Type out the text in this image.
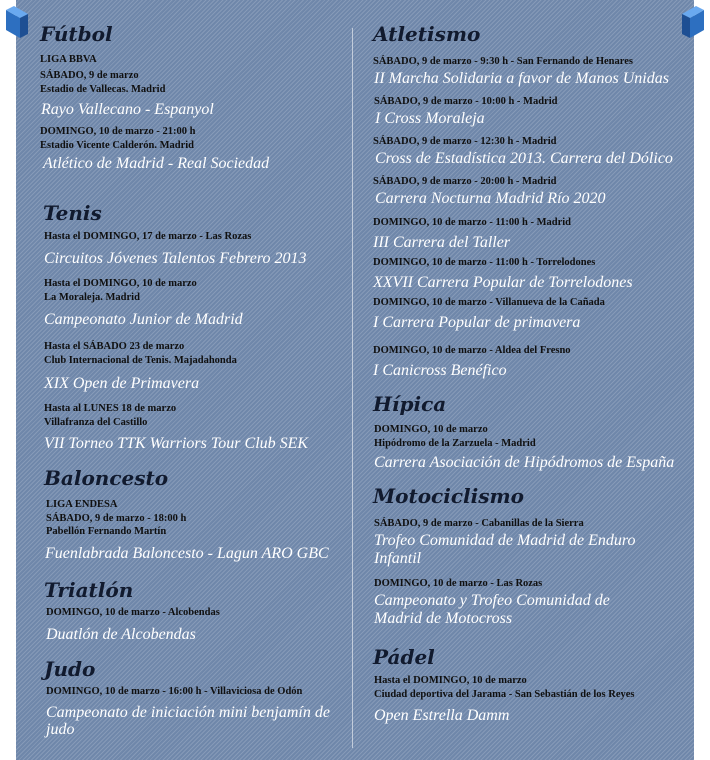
Fútbol
LIGA BBVA
SÁBADO, 9 de marzo
Estadio de Vallecas. Madrid
Rayo Vallecano - Espanyol
DOMINGO, 10 de marzo - 21:00 h
Estadio Vicente Calderón. Madrid
Atlético de Madrid - Real Sociedad
Tenis
Hasta el DOMINGO, 17 de marzo - Las Rozas
Circuitos Jóvenes Talentos Febrero 2013
Hasta el DOMINGO, 10 de marzo
La Moraleja. Madrid
Campeonato Junior de Madrid
Hasta el SÁBADO 23 de marzo
Club Internacional de Tenis. Majadahonda
XIX Open de Primavera
Hasta al LUNES 18 de marzo
Villafranza del Castillo
VII Torneo TTK Warriors Tour Club SEK
Baloncesto
LIGA ENDESA
SÁBADO, 9 de marzo - 18:00 h
Pabellón Fernando Martín
Fuenlabrada Baloncesto - Lagun ARO GBC
Triatlón
DOMINGO, 10 de marzo - Alcobendas
Duatlón de Alcobendas
Judo
DOMINGO, 10 de marzo - 16:00 h - Villaviciosa de Odón
Campeonato de iniciación mini benjamín de
judo
Atletismo
SÁBADO, 9 de marzo - 9:30 h - San Fernando de Henares
II Marcha Solidaria a favor de Manos Unidas
SÁBADO, 9 de marzo - 10:00 h - Madrid
I Cross Moraleja
SÁBADO, 9 de marzo - 12:30 h - Madrid
Cross de Estadística 2013. Carrera del Dólico
SÁBADO, 9 de marzo - 20:00 h - Madrid
Carrera Nocturna Madrid Río 2020
DOMINGO, 10 de marzo - 11:00 h - Madrid
III Carrera del Taller
DOMINGO, 10 de marzo - 11:00 h - Torrelodones
XXVII Carrera Popular de Torrelodones
DOMINGO, 10 de marzo - Villanueva de la Cañada
I Carrera Popular de primavera
DOMINGO, 10 de marzo - Aldea del Fresno
I Canicross Benéfico
Hípica
DOMINGO, 10 de marzo
Hipódromo de la Zarzuela - Madrid
Carrera Asociación de Hipódromos de España
Motociclismo
SÁBADO, 9 de marzo - Cabanillas de la Sierra
Trofeo Comunidad de Madrid de Enduro
Infantil
DOMINGO, 10 de marzo - Las Rozas
Campeonato y Trofeo Comunidad de
Madrid de Motocross
Pádel
Hasta el DOMINGO, 10 de marzo
Ciudad deportiva del Jarama - San Sebastián de los Reyes
Open Estrella Damm
